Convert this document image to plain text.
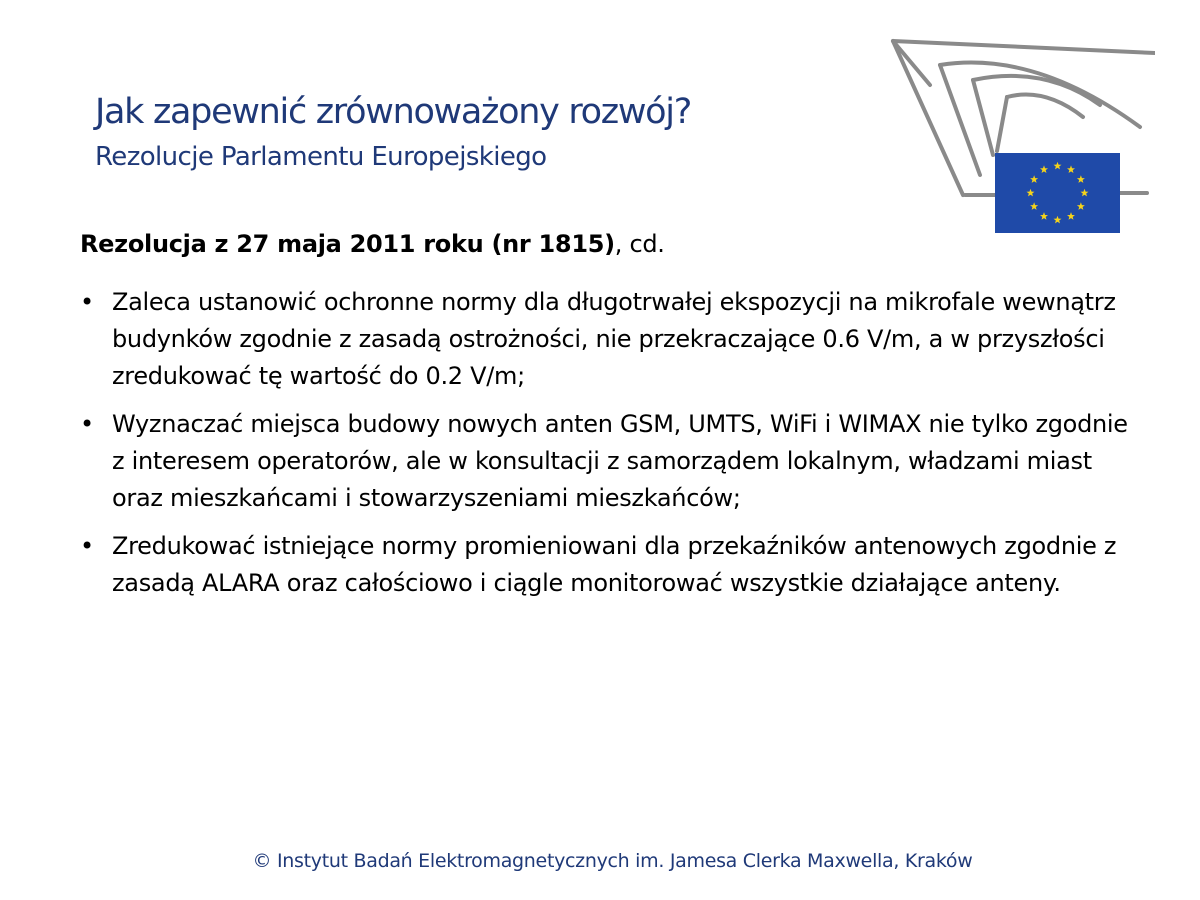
Jak zapewnić zrównoważony rozwój?
Rezolucje Parlamentu Europejskiego
Rezolucja z 27 maja 2011 roku (nr 1815), cd.
• Zaleca ustanowić ochronne normy dla długotrwałej ekspozycji na mikrofale wewnątrz budynków zgodnie z zasadą ostrożności, nie przekraczające 0.6 V/m, a w przyszłości zredukować tę wartość do 0.2 V/m;
• Wyznaczać miejsca budowy nowych anten GSM, UMTS, WiFi i WIMAX nie tylko zgodnie z interesem operatorów, ale w konsultacji z samorządem lokalnym, władzami miast oraz mieszkańcami i stowarzyszeniami mieszkańców;
• Zredukować istniejące normy promieniowani dla przekaźników antenowych zgodnie z zasadą ALARA oraz całościowo i ciągle monitorować wszystkie działające anteny.
© Instytut Badań Elektromagnetycznych im. Jamesa Clerka Maxwella, Kraków
